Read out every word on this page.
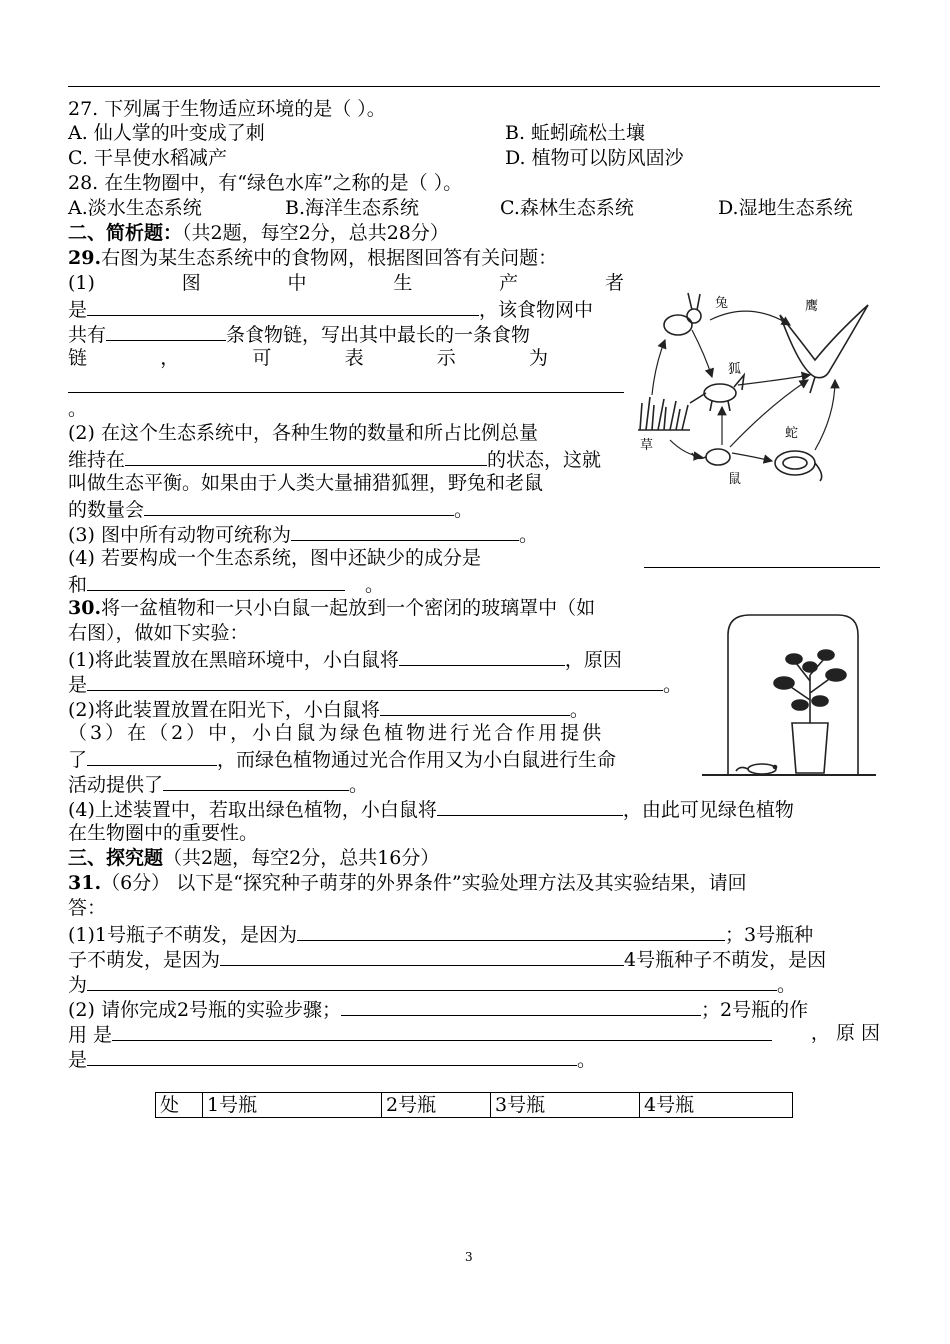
27. 下列属于生物适应环境的是（ ）。
A. 仙人掌的叶变成了刺	B. 蚯蚓疏松土壤
C. 干旱使水稻减产	D. 植物可以防风固沙
28. 在生物圈中，有“绿色水库”之称的是（ ）。
A.淡水生态系统	B.海洋生态系统	C.森林生态系统	D.湿地生态系统
二、简析题：（共2题，每空2分，总共28分）
29.右图为某生态系统中的食物网，根据图回答有关问题：
(1)	图	中	生	产	者
是	，该食物网中
共有	条食物链，写出其中最长的一条食物
链	，	可	表	示	为
。
(2) 在这个生态系统中，各种生物的数量和所占比例总量
维持在	的状态，这就
叫做生态平衡。如果由于人类大量捕猎狐狸，野兔和老鼠
的数量会	。
(3) 图中所有动物可统称为	。
(4) 若要构成一个生态系统，图中还缺少的成分是
和	。
兔	鹰
狐
草
蛇
鼠
30.将一盆植物和一只小白鼠一起放到一个密闭的玻璃罩中（如
右图），做如下实验：
(1)将此装置放在黑暗环境中，小白鼠将	，原因
是	。
(2)将此装置放置在阳光下，小白鼠将	。
（3）在（2）中，小白鼠为绿色植物进行光合作用提供
了	，而绿色植物通过光合作用又为小白鼠进行生命
活动提供了	。
(4)上述装置中，若取出绿色植物，小白鼠将	，由此可见绿色植物
在生物圈中的重要性。
三、探究题（共2题，每空2分，总共16分）
31.（6分） 以下是“探究种子萌芽的外界条件”实验处理方法及其实验结果，请回
答：
(1)1号瓶子不萌发，是因为	；3号瓶种
子不萌发，是因为	4号瓶种子不萌发，是因
为	。
(2) 请你完成2号瓶的实验步骤；	；2号瓶的作
用 是	， 原 因
是	。
处	1号瓶	2号瓶	3号瓶	4号瓶
3
